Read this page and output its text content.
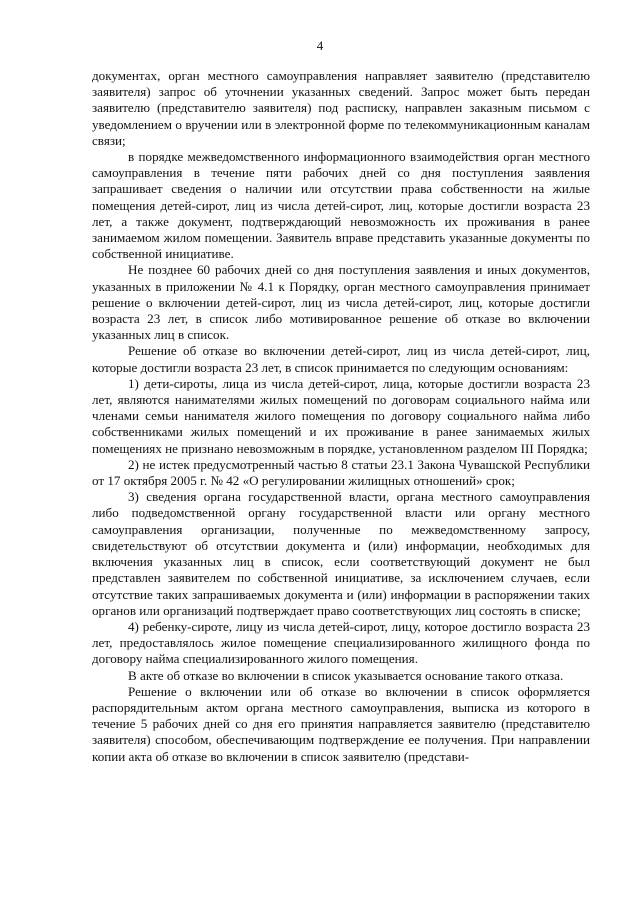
4

документах, орган местного самоуправления направляет заявителю (представителю заявителя) запрос об уточнении указанных сведений. Запрос может быть передан заявителю (представителю заявителя) под расписку, направлен заказным письмом с уведомлением о вручении или в электронной форме по телекоммуникационным каналам связи;

в порядке межведомственного информационного взаимодействия орган местного самоуправления в течение пяти рабочих дней со дня поступления заявления запрашивает сведения о наличии или отсутствии права собственности на жилые помещения детей-сирот, лиц из числа детей-сирот, лиц, которые достигли возраста 23 лет, а также документ, подтверждающий невозможность их проживания в ранее занимаемом жилом помещении. Заявитель вправе представить указанные документы по собственной инициативе.

Не позднее 60 рабочих дней со дня поступления заявления и иных документов, указанных в приложении № 4.1 к Порядку, орган местного самоуправления принимает решение о включении детей-сирот, лиц из числа детей-сирот, лиц, которые достигли возраста 23 лет, в список либо мотивированное решение об отказе во включении указанных лиц в список.

Решение об отказе во включении детей-сирот, лиц из числа детей-сирот, лиц, которые достигли возраста 23 лет, в список принимается по следующим основаниям:

1) дети-сироты, лица из числа детей-сирот, лица, которые достигли возраста 23 лет, являются нанимателями жилых помещений по договорам социального найма или членами семьи нанимателя жилого помещения по договору социального найма либо собственниками жилых помещений и их проживание в ранее занимаемых жилых помещениях не признано невозможным в порядке, установленном разделом III Порядка;

2) не истек предусмотренный частью 8 статьи 23.1 Закона Чувашской Республики от 17 октября 2005 г. № 42 «О регулировании жилищных отношений» срок;

3) сведения органа государственной власти, органа местного самоуправления либо подведомственной органу государственной власти или органу местного самоуправления организации, полученные по межведомственному запросу, свидетельствуют об отсутствии документа и (или) информации, необходимых для включения указанных лиц в список, если соответствующий документ не был представлен заявителем по собственной инициативе, за исключением случаев, если отсутствие таких запрашиваемых документа и (или) информации в распоряжении таких органов или организаций подтверждает право соответствующих лиц состоять в списке;

4) ребенку-сироте, лицу из числа детей-сирот, лицу, которое достигло возраста 23 лет, предоставлялось жилое помещение специализированного жилищного фонда по договору найма специализированного жилого помещения.

В акте об отказе во включении в список указывается основание такого отказа.

Решение о включении или об отказе во включении в список оформляется распорядительным актом органа местного самоуправления, выписка из которого в течение 5 рабочих дней со дня его принятия направляется заявителю (представителю заявителя) способом, обеспечивающим подтверждение ее получения. При направлении копии акта об отказе во включении в список заявителю (представи-
